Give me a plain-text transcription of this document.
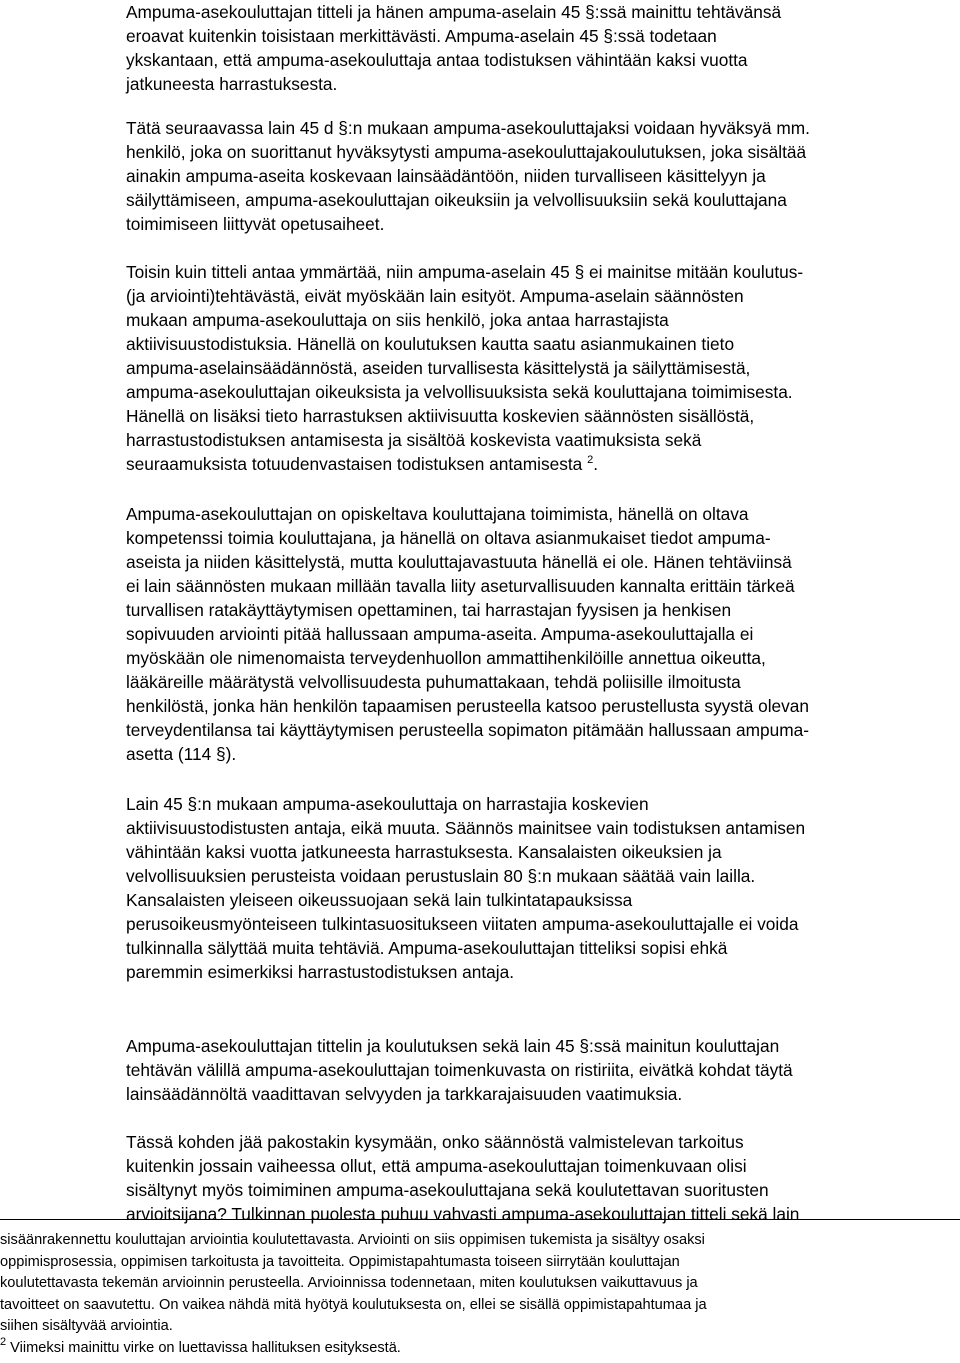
Ampuma-asekouluttajan titteli ja hänen ampuma-aselain 45 §:ssä mainittu tehtävänsä
eroavat kuitenkin toisistaan merkittävästi. Ampuma-aselain 45 §:ssä todetaan
ykskantaan, että ampuma-asekouluttaja antaa todistuksen vähintään kaksi vuotta
jatkuneesta harrastuksesta.
Tätä seuraavassa lain 45 d §:n mukaan ampuma-asekouluttajaksi voidaan hyväksyä mm.
henkilö, joka on suorittanut hyväksytysti ampuma-asekouluttajakoulutuksen, joka sisältää
ainakin ampuma-aseita koskevaan lainsäädäntöön, niiden turvalliseen käsittelyyn ja
säilyttämiseen, ampuma-asekouluttajan oikeuksiin ja velvollisuuksiin sekä kouluttajana
toimimiseen liittyvät opetusaiheet.
Toisin kuin titteli antaa ymmärtää, niin ampuma-aselain 45 § ei mainitse mitään koulutus-
(ja arviointi)tehtävästä, eivät myöskään lain esityöt. Ampuma-aselain säännösten
mukaan ampuma-asekouluttaja on siis henkilö, joka antaa harrastajista
aktiivisuustodistuksia. Hänellä on koulutuksen kautta saatu asianmukainen tieto
ampuma-aselainsäädännöstä, aseiden turvallisesta käsittelystä ja säilyttämisestä,
ampuma-asekouluttajan oikeuksista ja velvollisuuksista sekä kouluttajana toimimisesta.
Hänellä on lisäksi tieto harrastuksen aktiivisuutta koskevien säännösten sisällöstä,
harrastustodistuksen antamisesta ja sisältöä koskevista vaatimuksista sekä
seuraamuksista totuudenvastaisen todistuksen antamisesta $^2$.
Ampuma-asekouluttajan on opiskeltava kouluttajana toimimista, hänellä on oltava
kompetenssi toimia kouluttajana, ja hänellä on oltava asianmukaiset tiedot ampuma-
aseista ja niiden käsittelystä, mutta kouluttajavastuuta hänellä ei ole. Hänen tehtäviinsä
ei lain säännösten mukaan millään tavalla liity aseturvallisuuden kannalta erittäin tärkeä
turvallisen ratakäyttäytymisen opettaminen, tai harrastajan fyysisen ja henkisen
sopivuuden arviointi pitää hallussaan ampuma-aseita. Ampuma-asekouluttajalla ei
myöskään ole nimenomaista terveydenhuollon ammattihenkilöille annettua oikeutta,
lääkäreille määrätystä velvollisuudesta puhumattakaan, tehdä poliisille ilmoitusta
henkilöstä, jonka hän henkilön tapaamisen perusteella katsoo perustellusta syystä olevan
terveydentilansa tai käyttäytymisen perusteella sopimaton pitämään hallussaan ampuma-
asetta (114 §).
Lain 45 §:n mukaan ampuma-asekouluttaja on harrastajia koskevien
aktiivisuustodistusten antaja, eikä muuta. Säännös mainitsee vain todistuksen antamisen
vähintään kaksi vuotta jatkuneesta harrastuksesta. Kansalaisten oikeuksien ja
velvollisuuksien perusteista voidaan perustuslain 80 §:n mukaan säätää vain lailla.
Kansalaisten yleiseen oikeussuojaan sekä lain tulkintatapauksissa
perusoikeusmyönteiseen tulkintasuositukseen viitaten ampuma-asekouluttajalle ei voida
tulkinnalla sälyttää muita tehtäviä. Ampuma-asekouluttajan titteliksi sopisi ehkä
paremmin esimerkiksi harrastustodistuksen antaja.
Ampuma-asekouluttajan tittelin ja koulutuksen sekä lain 45 §:ssä mainitun kouluttajan
tehtävän välillä ampuma-asekouluttajan toimenkuvasta on ristiriita, eivätkä kohdat täytä
lainsäädännöltä vaadittavan selvyyden ja tarkkarajaisuuden vaatimuksia.
Tässä kohden jää pakostakin kysymään, onko säännöstä valmistelevan tarkoitus
kuitenkin jossain vaiheessa ollut, että ampuma-asekouluttajan toimenkuvaan olisi
sisältynyt myös toimiminen ampuma-asekouluttajana sekä koulutettavan suoritusten
arvioitsijana? Tulkinnan puolesta puhuu vahvasti ampuma-asekouluttajan titteli sekä lain
sisäänrakennettu kouluttajan arviointia koulutettavasta. Arviointi on siis oppimisen tukemista ja sisältyy osaksi
oppimisprosessia, oppimisen tarkoitusta ja tavoitteita. Oppimistapahtumasta toiseen siirrytään kouluttajan
koulutettavasta tekemän arvioinnin perusteella. Arvioinnissa todennetaan, miten koulutuksen vaikuttavuus ja
tavoitteet on saavutettu. On vaikea nähdä mitä hyötyä koulutuksesta on, ellei se sisällä oppimistapahtumaa ja
siihen sisältyvää arviointia.
$^2$ Viimeksi mainittu virke on luettavissa hallituksen esityksestä.
